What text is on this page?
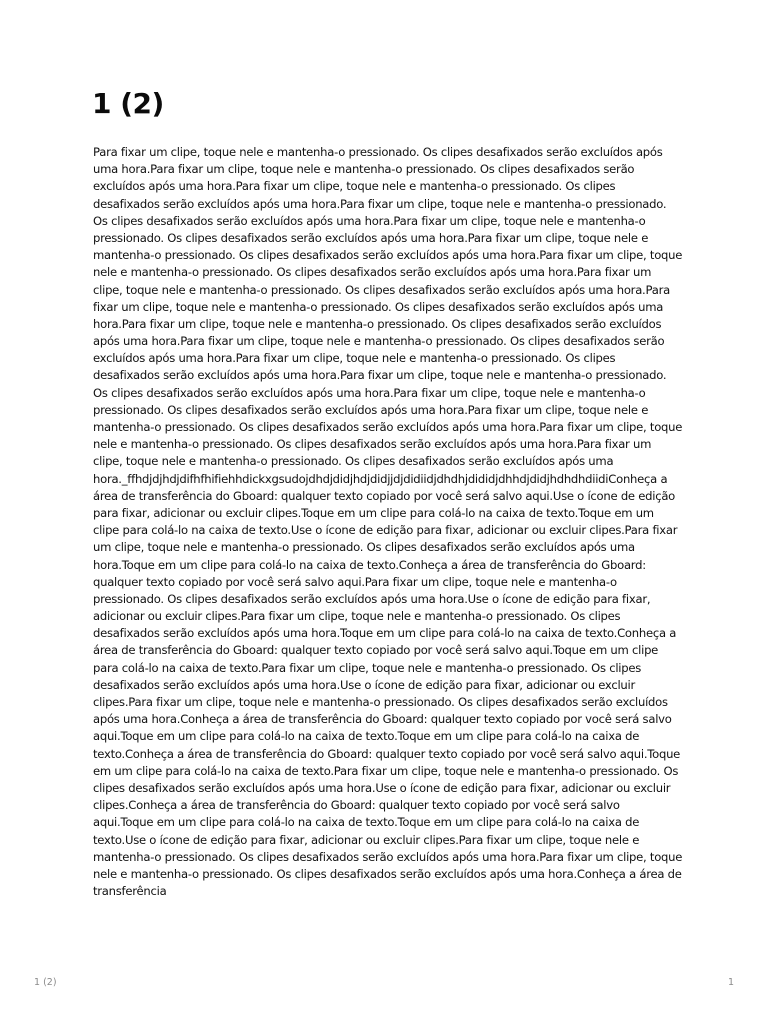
1 (2)

Para fixar um clipe, toque nele e mantenha-o pressionado. Os clipes desafixados serão excluídos após uma hora.Para fixar um clipe, toque nele e mantenha-o pressionado. Os clipes desafixados serão excluídos após uma hora.Para fixar um clipe, toque nele e mantenha-o pressionado. Os clipes desafixados serão excluídos após uma hora.Para fixar um clipe, toque nele e mantenha-o pressionado. Os clipes desafixados serão excluídos após uma hora.Para fixar um clipe, toque nele e mantenha-o pressionado. Os clipes desafixados serão excluídos após uma hora.Para fixar um clipe, toque nele e mantenha-o pressionado. Os clipes desafixados serão excluídos após uma hora.Para fixar um clipe, toque nele e mantenha-o pressionado. Os clipes desafixados serão excluídos após uma hora.Para fixar um clipe, toque nele e mantenha-o pressionado. Os clipes desafixados serão excluídos após uma hora.Para fixar um clipe, toque nele e mantenha-o pressionado. Os clipes desafixados serão excluídos após uma hora.Para fixar um clipe, toque nele e mantenha-o pressionado. Os clipes desafixados serão excluídos após uma hora.Para fixar um clipe, toque nele e mantenha-o pressionado. Os clipes desafixados serão excluídos após uma hora.Para fixar um clipe, toque nele e mantenha-o pressionado. Os clipes desafixados serão excluídos após uma hora.Para fixar um clipe, toque nele e mantenha-o pressionado. Os clipes desafixados serão excluídos após uma hora.Para fixar um clipe, toque nele e mantenha-o pressionado. Os clipes desafixados serão excluídos após uma hora.Para fixar um clipe, toque nele e mantenha-o pressionado. Os clipes desafixados serão excluídos após uma hora.Para fixar um clipe, toque nele e mantenha-o pressionado. Os clipes desafixados serão excluídos após uma hora.Para fixar um clipe, toque nele e mantenha-o pressionado. Os clipes desafixados serão excluídos após uma hora._ffhdjdjhdjdifhfhifiehhdickxgsudojdhdjdidjhdjdidjjdjdidiidjdhdhjdididjdhhdjdidjhdhdhdiidiConheça a área de transferência do Gboard: qualquer texto copiado por você será salvo aqui.Use o ícone de edição para fixar, adicionar ou excluir clipes.Toque em um clipe para colá-lo na caixa de texto.Toque em um clipe para colá-lo na caixa de texto.Use o ícone de edição para fixar, adicionar ou excluir clipes.Para fixar um clipe, toque nele e mantenha-o pressionado. Os clipes desafixados serão excluídos após uma hora.Toque em um clipe para colá-lo na caixa de texto.Conheça a área de transferência do Gboard: qualquer texto copiado por você será salvo aqui.Para fixar um clipe, toque nele e mantenha-o pressionado. Os clipes desafixados serão excluídos após uma hora.Use o ícone de edição para fixar, adicionar ou excluir clipes.Para fixar um clipe, toque nele e mantenha-o pressionado. Os clipes desafixados serão excluídos após uma hora.Toque em um clipe para colá-lo na caixa de texto.Conheça a área de transferência do Gboard: qualquer texto copiado por você será salvo aqui.Toque em um clipe para colá-lo na caixa de texto.Para fixar um clipe, toque nele e mantenha-o pressionado. Os clipes desafixados serão excluídos após uma hora.Use o ícone de edição para fixar, adicionar ou excluir clipes.Para fixar um clipe, toque nele e mantenha-o pressionado. Os clipes desafixados serão excluídos após uma hora.Conheça a área de transferência do Gboard: qualquer texto copiado por você será salvo aqui.Toque em um clipe para colá-lo na caixa de texto.Toque em um clipe para colá-lo na caixa de texto.Conheça a área de transferência do Gboard: qualquer texto copiado por você será salvo aqui.Toque em um clipe para colá-lo na caixa de texto.Para fixar um clipe, toque nele e mantenha-o pressionado. Os clipes desafixados serão excluídos após uma hora.Use o ícone de edição para fixar, adicionar ou excluir clipes.Conheça a área de transferência do Gboard: qualquer texto copiado por você será salvo aqui.Toque em um clipe para colá-lo na caixa de texto.Toque em um clipe para colá-lo na caixa de texto.Use o ícone de edição para fixar, adicionar ou excluir clipes.Para fixar um clipe, toque nele e mantenha-o pressionado. Os clipes desafixados serão excluídos após uma hora.Para fixar um clipe, toque nele e mantenha-o pressionado. Os clipes desafixados serão excluídos após uma hora.Conheça a área de transferência

1 (2)	1
